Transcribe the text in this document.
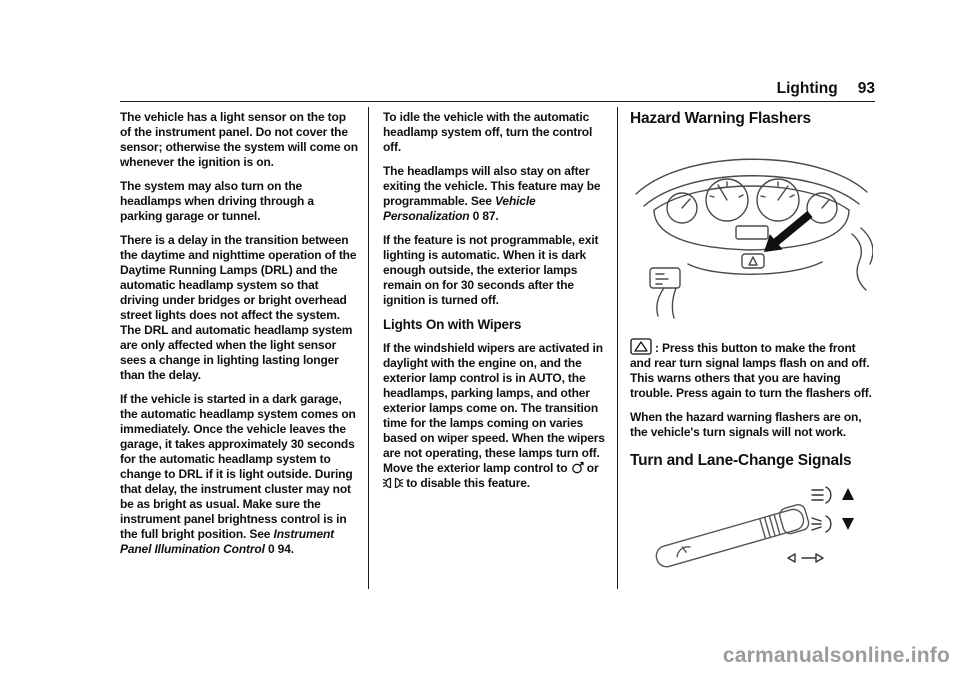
Lighting 93

The vehicle has a light sensor on the top of the instrument panel. Do not cover the sensor; otherwise the system will come on whenever the ignition is on.

The system may also turn on the headlamps when driving through a parking garage or tunnel.

There is a delay in the transition between the daytime and nighttime operation of the Daytime Running Lamps (DRL) and the automatic headlamp system so that driving under bridges or bright overhead street lights does not affect the system. The DRL and automatic headlamp system are only affected when the light sensor sees a change in lighting lasting longer than the delay.

If the vehicle is started in a dark garage, the automatic headlamp system comes on immediately. Once the vehicle leaves the garage, it takes approximately 30 seconds for the automatic headlamp system to change to DRL if it is light outside. During that delay, the instrument cluster may not be as bright as usual. Make sure the instrument panel brightness control is in the full bright position. See Instrument Panel Illumination Control 0 94.

To idle the vehicle with the automatic headlamp system off, turn the control off.

The headlamps will also stay on after exiting the vehicle. This feature may be programmable. See Vehicle Personalization 0 87.

If the feature is not programmable, exit lighting is automatic. When it is dark enough outside, the exterior lamps remain on for 30 seconds after the ignition is turned off.

Lights On with Wipers

If the windshield wipers are activated in daylight with the engine on, and the exterior lamp control is in AUTO, the headlamps, parking lamps, and other exterior lamps come on. The transition time for the lamps coming on varies based on wiper speed. When the wipers are not operating, these lamps turn off. Move the exterior lamp control to or  to disable this feature.

Hazard Warning Flashers

: Press this button to make the front and rear turn signal lamps flash on and off. This warns others that you are having trouble. Press again to turn the flashers off.

When the hazard warning flashers are on, the vehicle's turn signals will not work.

Turn and Lane-Change Signals
carmanualsonline.info
